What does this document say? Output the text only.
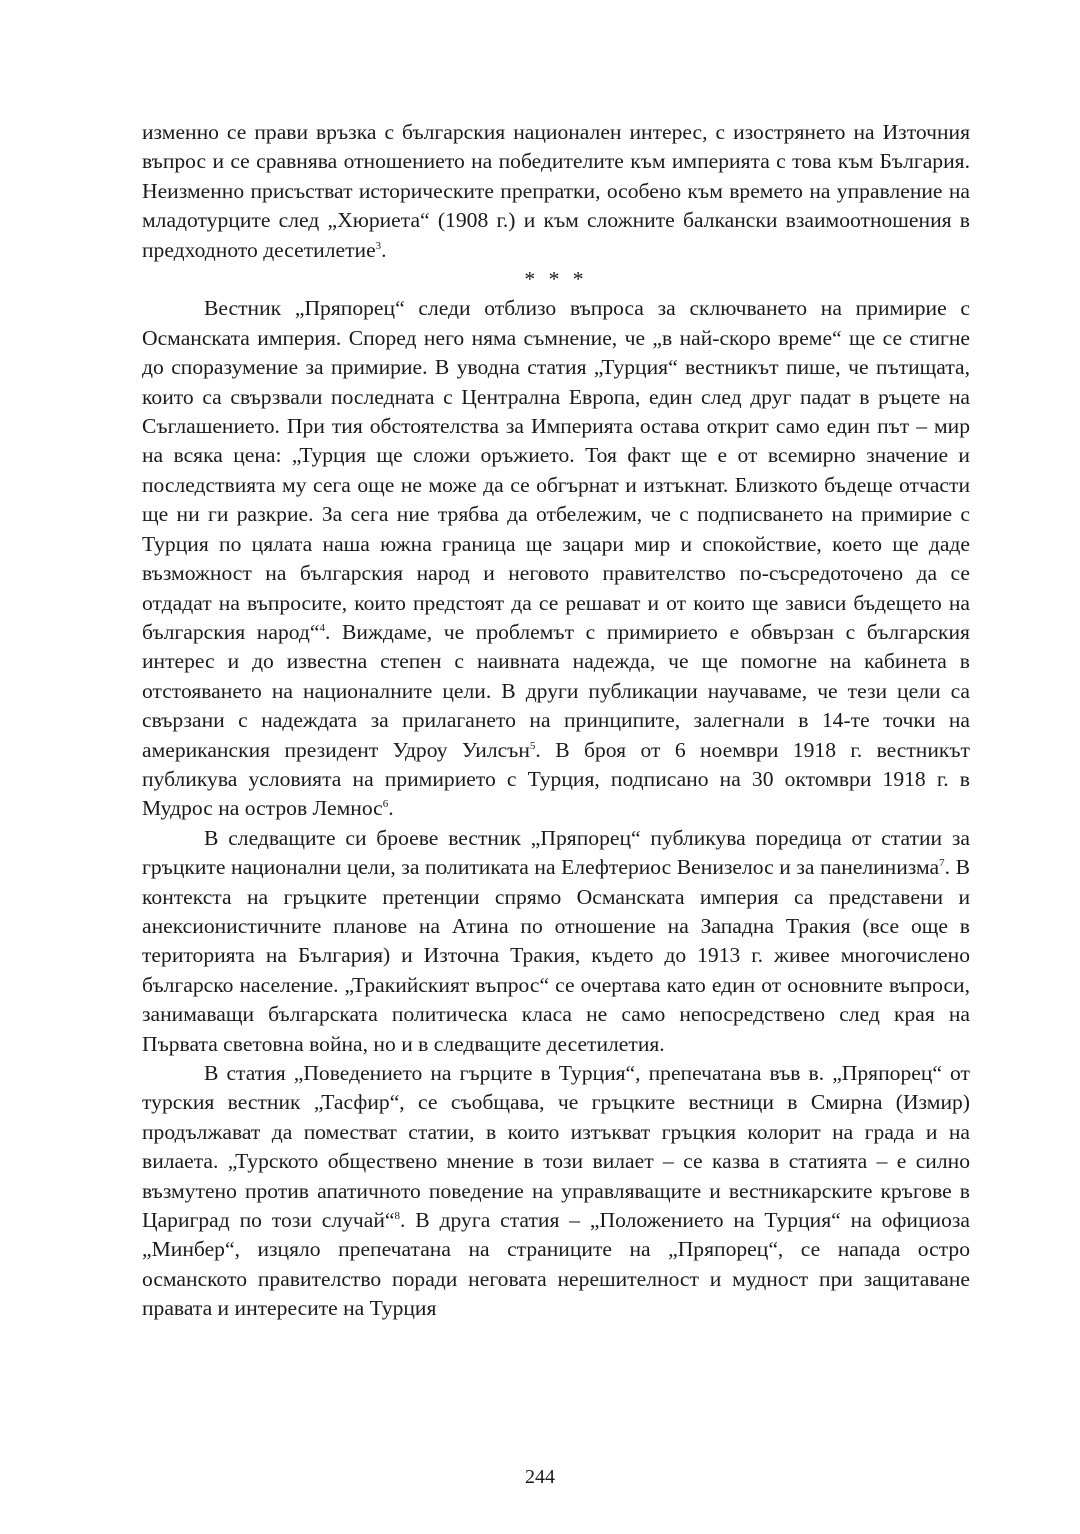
изменно се прави връзка с българския национален интерес, с изострянето на Източния въпрос и се сравнява отношението на победителите към империята с това към България. Неизменно присъстват историческите препратки, особено към времето на управление на младотурците след „Хюриета“ (1908 г.) и към сложните балкански взаимоотношения в предходното десетилетие$^3$.

* * *

Вестник „Пряпорец“ следи отблизо въпроса за сключването на примирие с Османската империя. Според него няма съмнение, че „в най-скоро време“ ще се стигне до споразумение за примирие. В уводна статия „Турция“ вестникът пише, че пътищата, които са свързвали последната с Централна Европа, един след друг падат в ръцете на Съглашението. При тия обстоятелства за Империята остава открит само един път – мир на всяка цена: „Турция ще сложи оръжието. Тоя факт ще е от всемирно значение и последствията му сега още не може да се обгърнат и изтъкнат. Близкото бъдеще отчасти ще ни ги разкрие. За сега ние трябва да отбележим, че с подписването на примирие с Турция по цялата наша южна граница ще зацари мир и спокойствие, което ще даде възможност на българския народ и неговото правителство по-съсредоточено да се отдадат на въпросите, които предстоят да се решават и от които ще зависи бъдещето на българския народ“$^4$. Виждаме, че проблемът с примирието е обвързан с българския интерес и до известна степен с наивната надежда, че ще помогне на кабинета в отстояването на националните цели. В други публикации научаваме, че тези цели са свързани с надеждата за прилагането на принципите, залегнали в 14-те точки на американския президент Удроу Уилсън$^5$. В броя от 6 ноември 1918 г. вестникът публикува условията на примирието с Турция, подписано на 30 октомври 1918 г. в Мудрос на остров Лемнос$^6$.

В следващите си броеве вестник „Пряпорец“ публикува поредица от статии за гръцките национални цели, за политиката на Елефтериос Венизелос и за панелинизма$^7$. В контекста на гръцките претенции спрямо Османската империя са представени и анексионистичните планове на Атина по отношение на Западна Тракия (все още в територията на България) и Източна Тракия, където до 1913 г. живее многочислено българско население. „Тракийският въпрос“ се очертава като един от основните въпроси, занимаващи българската политическа класа не само непосредствено след края на Първата световна война, но и в следващите десетилетия.

В статия „Поведението на гърците в Турция“, препечатана във в. „Пряпорец“ от турския вестник „Тасфир“, се съобщава, че гръцките вестници в Смирна (Измир) продължават да поместват статии, в които изтъкват гръцкия колорит на града и на вилаета. „Турското обществено мнение в този вилает – се казва в статията – е силно възмутено против апатичното поведение на управляващите и вестникарските кръгове в Цариград по този случай“$^8$. В друга статия – „Положението на Турция“ на официоза „Минбер“, изцяло препечатана на страниците на „Пряпорец“, се напада остро османското правителство поради неговата нерешителност и мудност при защитаване правата и интересите на Турция

244
